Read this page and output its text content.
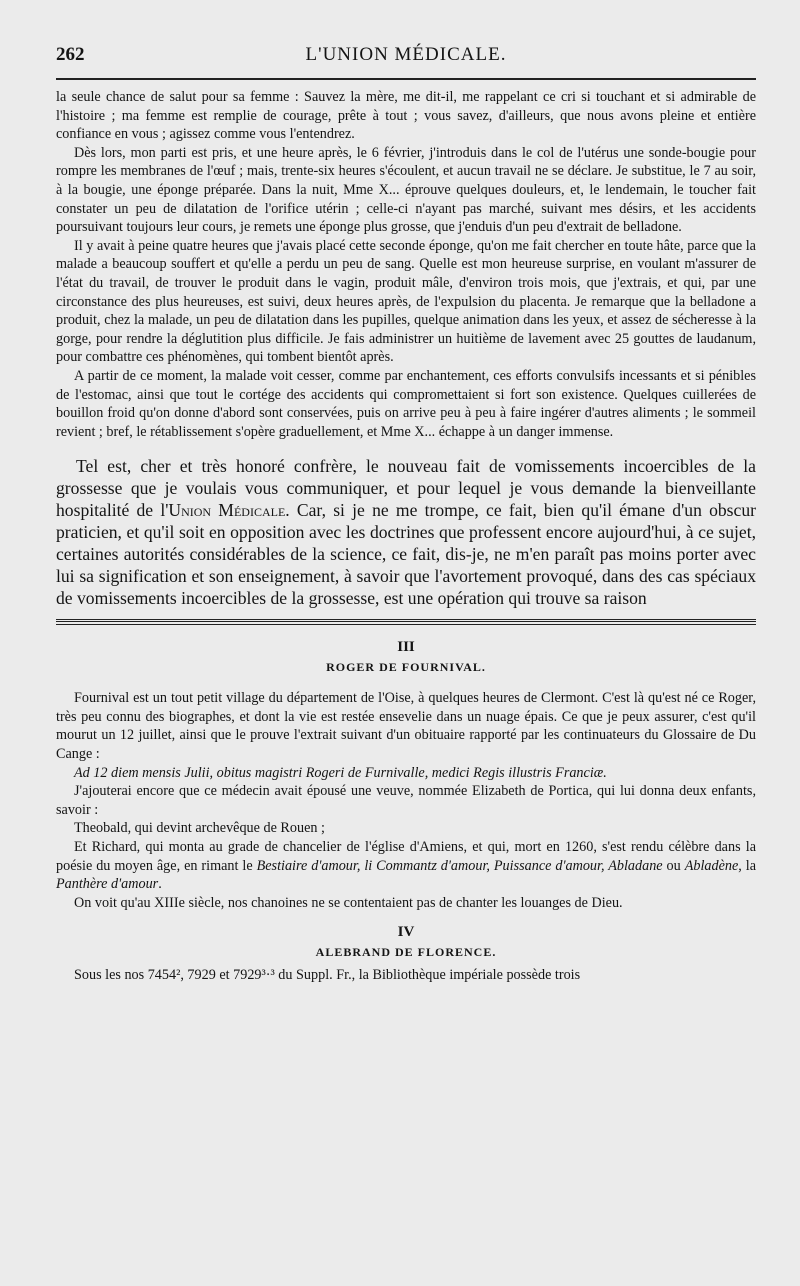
262	L'UNION MÉDICALE.

la seule chance de salut pour sa femme : Sauvez la mère, me dit-il, me rappelant ce cri si touchant et si admirable de l'histoire ; ma femme est remplie de courage, prête à tout ; vous savez, d'ailleurs, que nous avons pleine et entière confiance en vous ; agissez comme vous l'entendrez.

Dès lors, mon parti est pris, et une heure après, le 6 février, j'introduis dans le col de l'utérus une sonde-bougie pour rompre les membranes de l'œuf ; mais, trente-six heures s'écoulent, et aucun travail ne se déclare. Je substitue, le 7 au soir, à la bougie, une éponge préparée. Dans la nuit, Mme X... éprouve quelques douleurs, et, le lendemain, le toucher fait constater un peu de dilatation de l'orifice utérin ; celle-ci n'ayant pas marché, suivant mes désirs, et les accidents poursuivant toujours leur cours, je remets une éponge plus grosse, que j'enduis d'un peu d'extrait de belladone.

Il y avait à peine quatre heures que j'avais placé cette seconde éponge, qu'on me fait chercher en toute hâte, parce que la malade a beaucoup souffert et qu'elle a perdu un peu de sang. Quelle est mon heureuse surprise, en voulant m'assurer de l'état du travail, de trouver le produit dans le vagin, produit mâle, d'environ trois mois, que j'extrais, et qui, par une circonstance des plus heureuses, est suivi, deux heures après, de l'expulsion du placenta. Je remarque que la belladone a produit, chez la malade, un peu de dilatation dans les pupilles, quelque animation dans les yeux, et assez de sécheresse à la gorge, pour rendre la déglutition plus difficile. Je fais administrer un huitième de lavement avec 25 gouttes de laudanum, pour combattre ces phénomènes, qui tombent bientôt après.

A partir de ce moment, la malade voit cesser, comme par enchantement, ces efforts convulsifs incessants et si pénibles de l'estomac, ainsi que tout le cortége des accidents qui compromettaient si fort son existence. Quelques cuillerées de bouillon froid qu'on donne d'abord sont conservées, puis on arrive peu à peu à faire ingérer d'autres aliments ; le sommeil revient ; bref, le rétablissement s'opère graduellement, et Mme X... échappe à un danger immense.

Tel est, cher et très honoré confrère, le nouveau fait de vomissements incoercibles de la grossesse que je voulais vous communiquer, et pour lequel je vous demande la bienveillante hospitalité de l'Union Médicale. Car, si je ne me trompe, ce fait, bien qu'il émane d'un obscur praticien, et qu'il soit en opposition avec les doctrines que professent encore aujourd'hui, à ce sujet, certaines autorités considérables de la science, ce fait, dis-je, ne m'en paraît pas moins porter avec lui sa signification et son enseignement, à savoir que l'avortement provoqué, dans des cas spéciaux de vomissements incoercibles de la grossesse, est une opération qui trouve sa raison

III
ROGER DE FOURNIVAL.

Fournival est un tout petit village du département de l'Oise, à quelques heures de Clermont. C'est là qu'est né ce Roger, très peu connu des biographes, et dont la vie est restée ensevelie dans un nuage épais. Ce que je peux assurer, c'est qu'il mourut un 12 juillet, ainsi que le prouve l'extrait suivant d'un obituaire rapporté par les continuateurs du Glossaire de Du Cange :

Ad 12 diem mensis Julii, obitus magistri Rogeri de Furnivalle, medici Regis illustris Franciæ.

J'ajouterai encore que ce médecin avait épousé une veuve, nommée Elizabeth de Portica, qui lui donna deux enfants, savoir :

Theobald, qui devint archevêque de Rouen ;

Et Richard, qui monta au grade de chancelier de l'église d'Amiens, et qui, mort en 1260, s'est rendu célèbre dans la poésie du moyen âge, en rimant le Bestiaire d'amour, li Commantz d'amour, Puissance d'amour, Abladane ou Abladène, la Panthère d'amour.

On voit qu'au XIIIe siècle, nos chanoines ne se contentaient pas de chanter les louanges de Dieu.

IV
ALEBRAND DE FLORENCE.

Sous les nos 7454², 7929 et 7929³·³ du Suppl. Fr., la Bibliothèque impériale possède trois
